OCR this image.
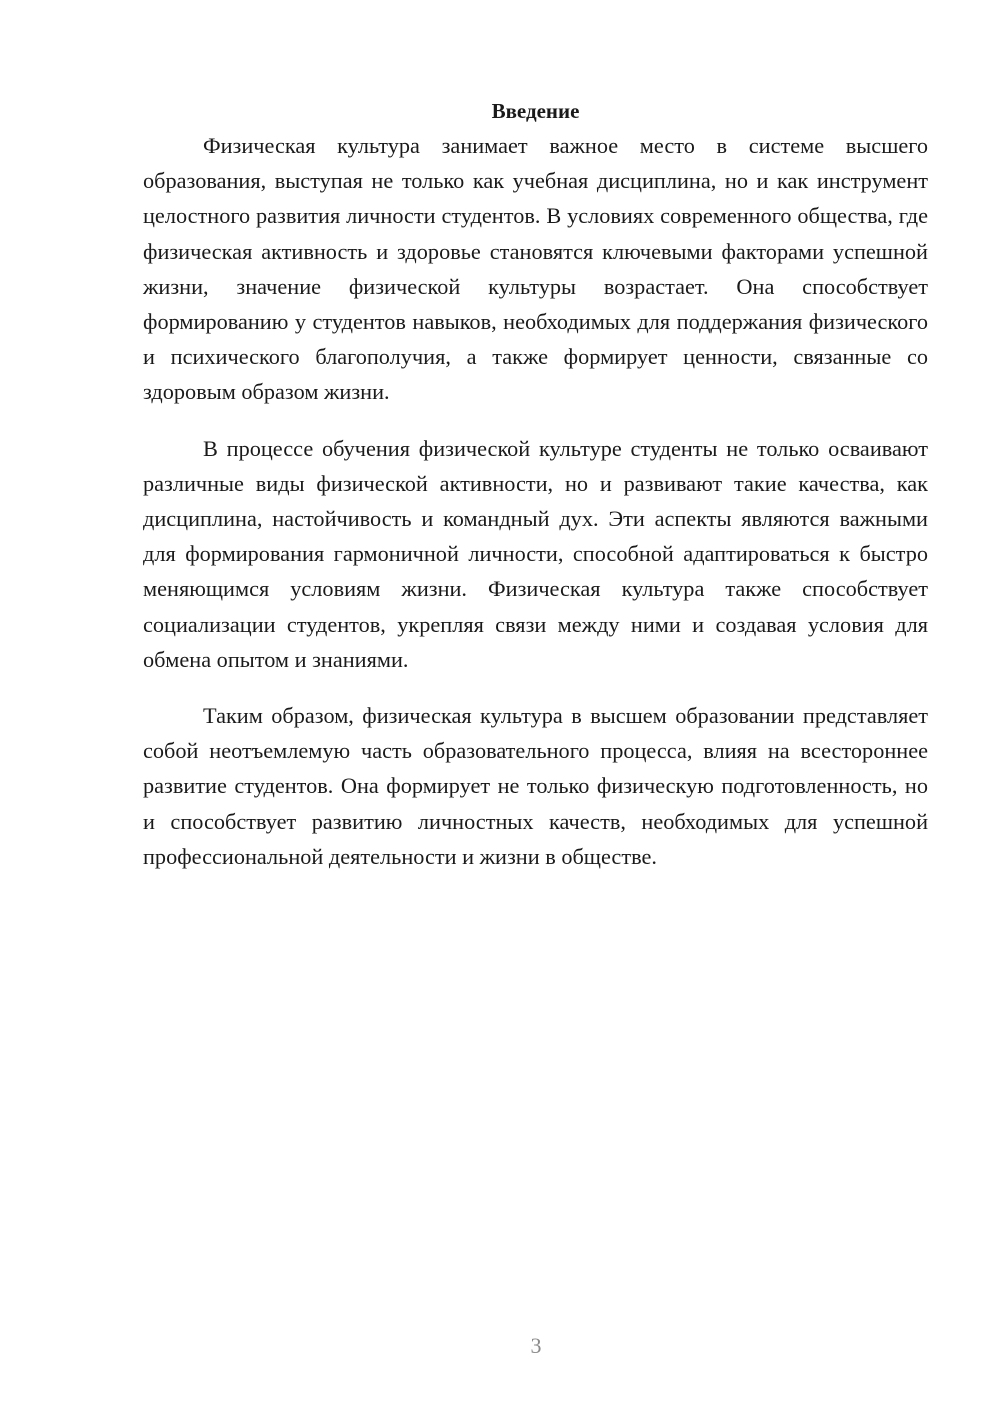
Введение

Физическая культура занимает важное место в системе высшего образования, выступая не только как учебная дисциплина, но и как инструмент целостного развития личности студентов. В условиях современного общества, где физическая активность и здоровье становятся ключевыми факторами успешной жизни, значение физической культуры возрастает. Она способствует формированию у студентов навыков, необходимых для поддержания физического и психического благополучия, а также формирует ценности, связанные со здоровым образом жизни.

В процессе обучения физической культуре студенты не только осваивают различные виды физической активности, но и развивают такие качества, как дисциплина, настойчивость и командный дух. Эти аспекты являются важными для формирования гармоничной личности, способной адаптироваться к быстро меняющимся условиям жизни. Физическая культура также способствует социализации студентов, укрепляя связи между ними и создавая условия для обмена опытом и знаниями.

Таким образом, физическая культура в высшем образовании представляет собой неотъемлемую часть образовательного процесса, влияя на всестороннее развитие студентов. Она формирует не только физическую подготовленность, но и способствует развитию личностных качеств, необходимых для успешной профессиональной деятельности и жизни в обществе.

3
